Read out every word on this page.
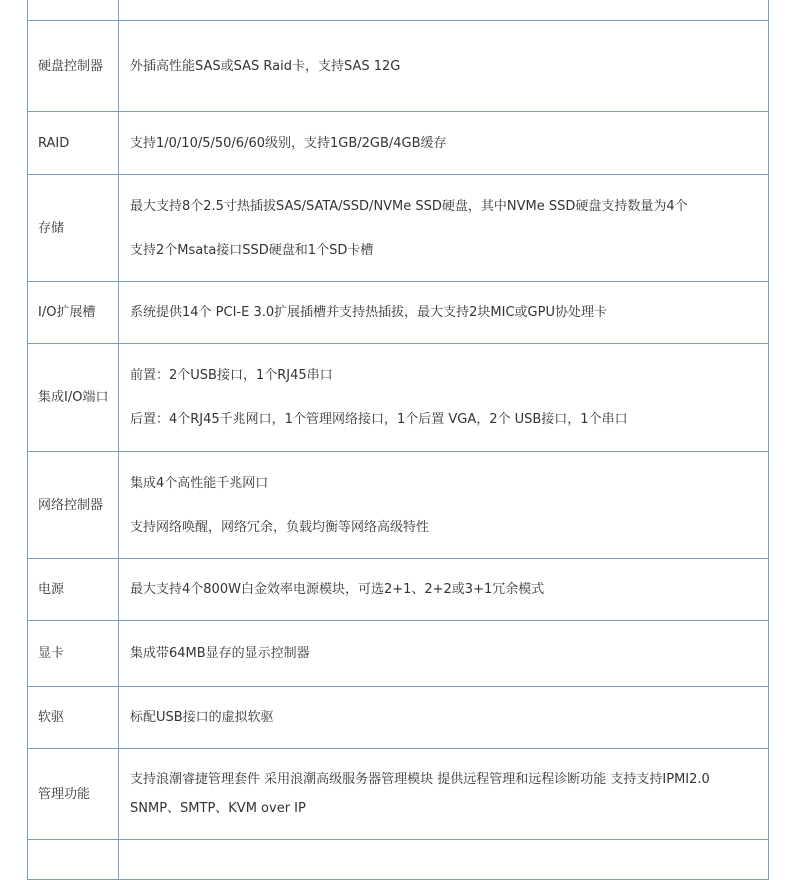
硬盘控制器	外插高性能SAS或SAS Raid卡，支持SAS 12G

RAID	支持1/0/10/5/50/6/60级别，支持1GB/2GB/4GB缓存

存储	最大支持8个2.5寸热插拔SAS/SATA/SSD/NVMe SSD硬盘，其中NVMe SSD硬盘支持数量为4个
支持2个Msata接口SSD硬盘和1个SD卡槽

I/O扩展槽	系统提供14个 PCI-E 3.0扩展插槽并支持热插拔，最大支持2块MIC或GPU协处理卡

集成I/O端口	前置：2个USB接口，1个RJ45串口
后置：4个RJ45千兆网口，1个管理网络接口，1个后置 VGA，2个 USB接口，1个串口

网络控制器	集成4个高性能千兆网口
支持网络唤醒，网络冗余，负载均衡等网络高级特性

电源	最大支持4个800W白金效率电源模块，可选2+1、2+2或3+1冗余模式

显卡	集成带64MB显存的显示控制器

软驱	标配USB接口的虚拟软驱

管理功能	支持浪潮睿捷管理套件 采用浪潮高级服务器管理模块 提供远程管理和远程诊断功能 支持支持IPMI2.0
SNMP、SMTP、KVM over IP
